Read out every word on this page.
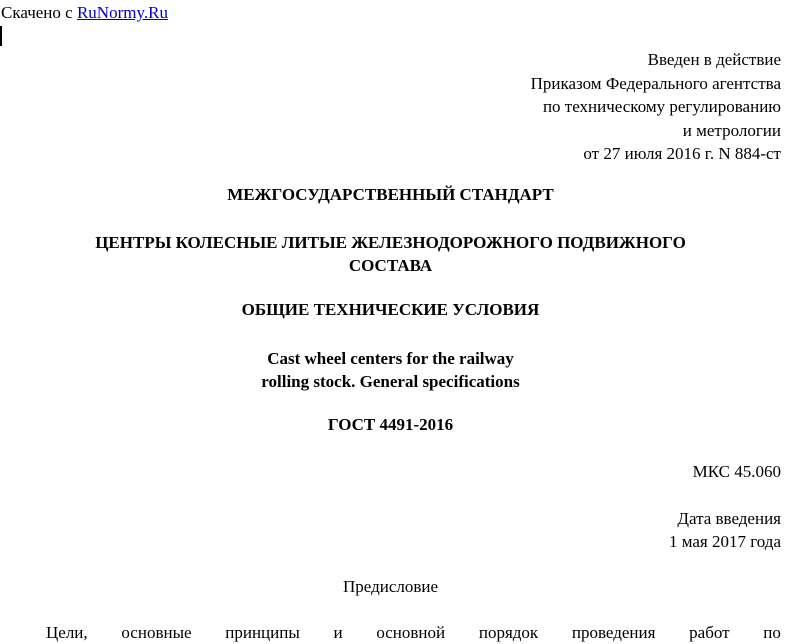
Скачено с RuNormy.Ru
Введен в действие
Приказом Федерального агентства
по техническому регулированию
и метрологии
от 27 июля 2016 г. N 884-ст
МЕЖГОСУДАРСТВЕННЫЙ СТАНДАРТ
ЦЕНТРЫ КОЛЕСНЫЕ ЛИТЫЕ ЖЕЛЕЗНОДОРОЖНОГО ПОДВИЖНОГО
СОСТАВА
ОБЩИЕ ТЕХНИЧЕСКИЕ УСЛОВИЯ
Cast wheel centers for the railway
rolling stock. General specifications
ГОСТ 4491-2016
МКС 45.060
Дата введения
1 мая 2017 года
Предисловие
Цели, основные принципы и основной порядок проведения работ по
